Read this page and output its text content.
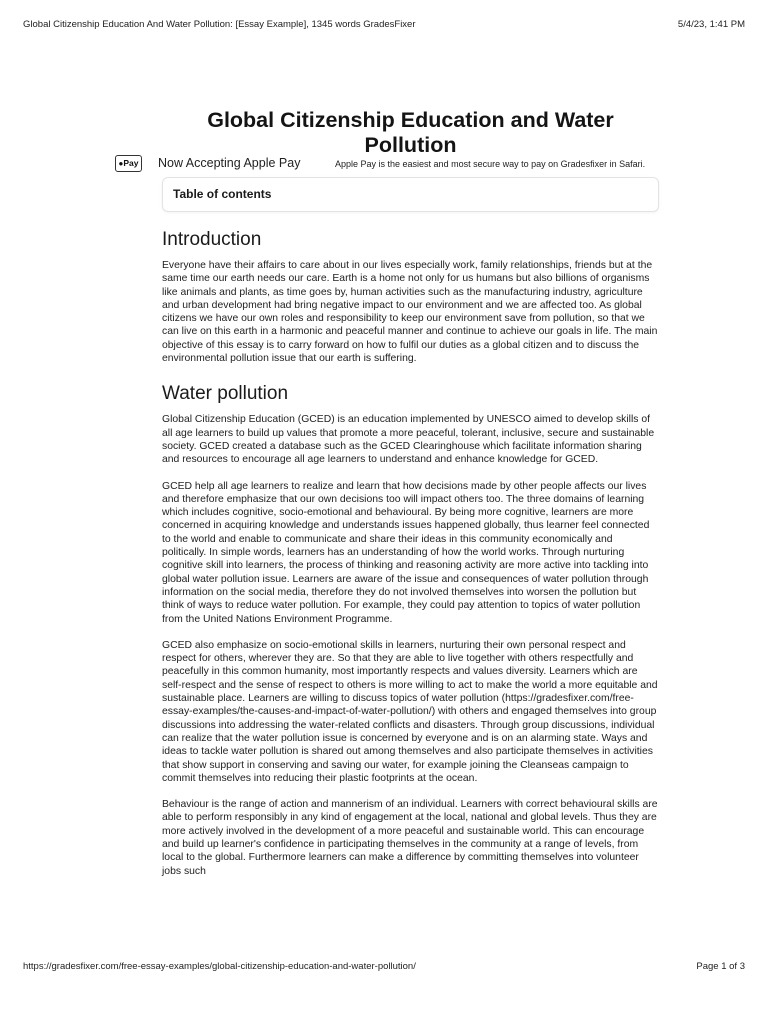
Global Citizenship Education And Water Pollution: [Essay Example], 1345 words GradesFixer	5/4/23, 1:41 PM
Global Citizenship Education and Water Pollution
●Pay Now Accepting Apple Pay	Apple Pay is the easiest and most secure way to pay on Gradesfixer in Safari.
Table of contents
Introduction

Everyone have their affairs to care about in our lives especially work, family relationships, friends but at the same time our earth needs our care. Earth is a home not only for us humans but also billions of organisms like animals and plants, as time goes by, human activities such as the manufacturing industry, agriculture and urban development had bring negative impact to our environment and we are affected too. As global citizens we have our own roles and responsibility to keep our environment save from pollution, so that we can live on this earth in a harmonic and peaceful manner and continue to achieve our goals in life. The main objective of this essay is to carry forward on how to fulfil our duties as a global citizen and to discuss the environmental pollution issue that our earth is suffering.

Water pollution

Global Citizenship Education (GCED) is an education implemented by UNESCO aimed to develop skills of all age learners to build up values that promote a more peaceful, tolerant, inclusive, secure and sustainable society. GCED created a database such as the GCED Clearinghouse which facilitate information sharing and resources to encourage all age learners to understand and enhance knowledge for GCED.

GCED help all age learners to realize and learn that how decisions made by other people affects our lives and therefore emphasize that our own decisions too will impact others too. The three domains of learning which includes cognitive, socio-emotional and behavioural. By being more cognitive, learners are more concerned in acquiring knowledge and understands issues happened globally, thus learner feel connected to the world and enable to communicate and share their ideas in this community economically and politically. In simple words, learners has an understanding of how the world works. Through nurturing cognitive skill into learners, the process of thinking and reasoning activity are more active into tackling into global water pollution issue. Learners are aware of the issue and consequences of water pollution through information on the social media, therefore they do not involved themselves into worsen the pollution but think of ways to reduce water pollution. For example, they could pay attention to topics of water pollution from the United Nations Environment Programme.

GCED also emphasize on socio-emotional skills in learners, nurturing their own personal respect and respect for others, wherever they are. So that they are able to live together with others respectfully and peacefully in this common humanity, most importantly respects and values diversity. Learners which are self-respect and the sense of respect to others is more willing to act to make the world a more equitable and sustainable place. Learners are willing to discuss topics of water pollution (https://gradesfixer.com/free-essay-examples/the-causes-and-impact-of-water-pollution/) with others and engaged themselves into group discussions into addressing the water-related conflicts and disasters. Through group discussions, individual can realize that the water pollution issue is concerned by everyone and is on an alarming state. Ways and ideas to tackle water pollution is shared out among themselves and also participate themselves in activities that show support in conserving and saving our water, for example joining the Cleanseas campaign to commit themselves into reducing their plastic footprints at the ocean.

Behaviour is the range of action and mannerism of an individual. Learners with correct behavioural skills are able to perform responsibly in any kind of engagement at the local, national and global levels. Thus they are more actively involved in the development of a more peaceful and sustainable world. This can encourage and build up learner's confidence in participating themselves in the community at a range of levels, from local to the global. Furthermore learners can make a difference by committing themselves into volunteer jobs such

https://gradesfixer.com/free-essay-examples/global-citizenship-education-and-water-pollution/	Page 1 of 3
